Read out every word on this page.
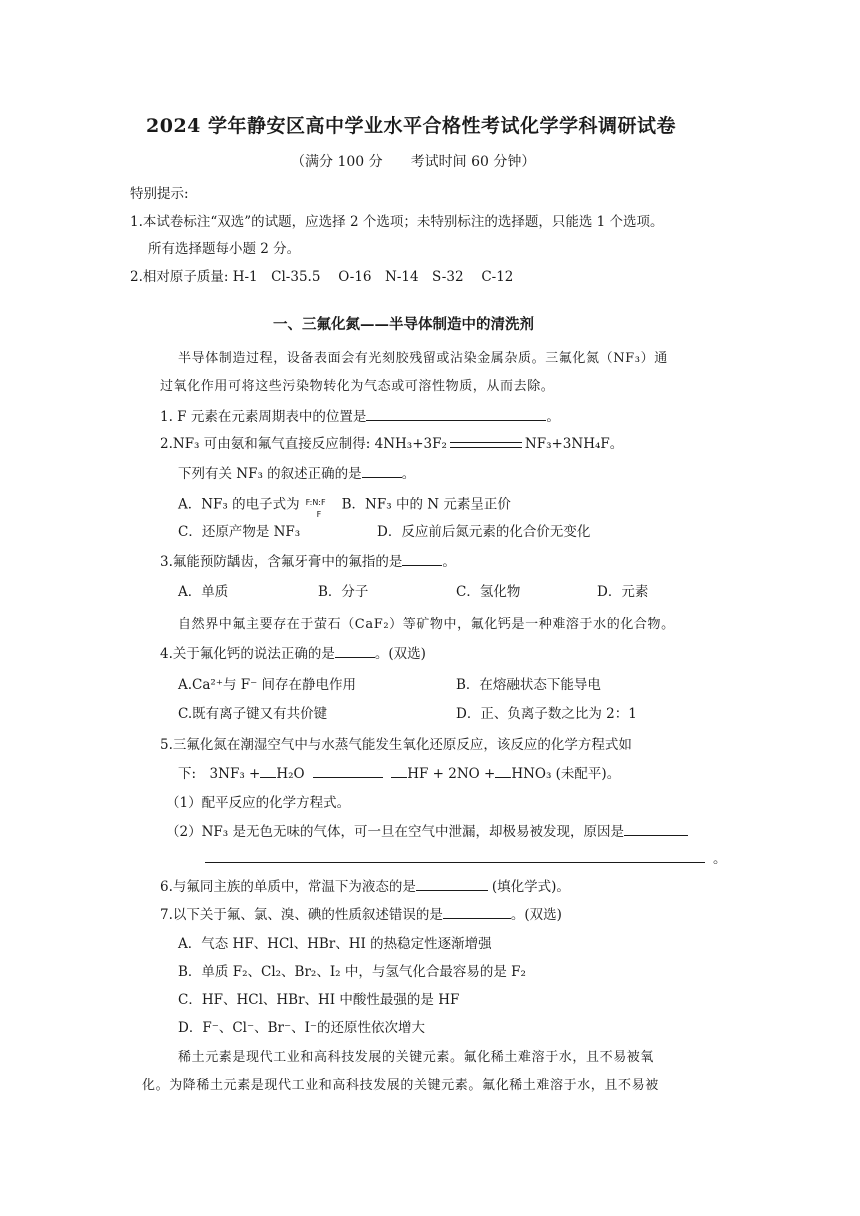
2024 学年静安区高中学业水平合格性考试化学学科调研试卷
（满分 100 分　　考试时间 60 分钟）
特别提示:
1.本试卷标注“双选”的试题，应选择 2 个选项；未特别标注的选择题，只能选 1 个选项。
所有选择题每小题 2 分。
2.相对原子质量: H-1　Cl-35.5　 O-16　N-14　S-32　 C-12
一、三氟化氮——半导体制造中的清洗剂
半导体制造过程，设备表面会有光刻胶残留或沾染金属杂质。三氟化氮（NF₃）通
过氧化作用可将这些污染物转化为气态或可溶性物质，从而去除。
1. F 元素在元素周期表中的位置是	。
2.NF₃ 可由氨和氟气直接反应制得: 4NH₃+3F₂	NF₃+3NH₄F。
下列有关 NF₃ 的叙述正确的是	。
A．NF₃ 的电子式为 F:N:F
F
B．NF₃ 中的 N 元素呈正价
C．还原产物是 NF₃	D．反应前后氮元素的化合价无变化
3.氟能预防龋齿，含氟牙膏中的氟指的是	。
A．单质	B．分子	C．氢化物	D．元素
自然界中氟主要存在于萤石（CaF₂）等矿物中，氟化钙是一种难溶于水的化合物。
4.关于氟化钙的说法正确的是	。(双选)
A.Ca²⁺与 F⁻ 间存在静电作用	B．在熔融状态下能导电
C.既有离子键又有共价键	D．正、负离子数之比为 2：1
5.三氟化氮在潮湿空气中与水蒸气能发生氧化还原反应，该反应的化学方程式如
下:　3NF₃ + H₂O	HF + 2NO + HNO₃ (未配平)。
（1）配平反应的化学方程式。
（2）NF₃ 是无色无味的气体，可一旦在空气中泄漏，却极易被发现，原因是
。
6.与氟同主族的单质中，常温下为液态的是	(填化学式)。
7.以下关于氟、氯、溴、碘的性质叙述错误的是	。(双选)
A．气态 HF、HCl、HBr、HI 的热稳定性逐渐增强
B．单质 F₂、Cl₂、Br₂、I₂ 中，与氢气化合最容易的是 F₂
C．HF、HCl、HBr、HI 中酸性最强的是 HF
D．F⁻、Cl⁻、Br⁻、I⁻的还原性依次增大
稀土元素是现代工业和高科技发展的关键元素。氟化稀土难溶于水，且不易被氧
化。为降稀土元素是现代工业和高科技发展的关键元素。氟化稀土难溶于水，且不易被
